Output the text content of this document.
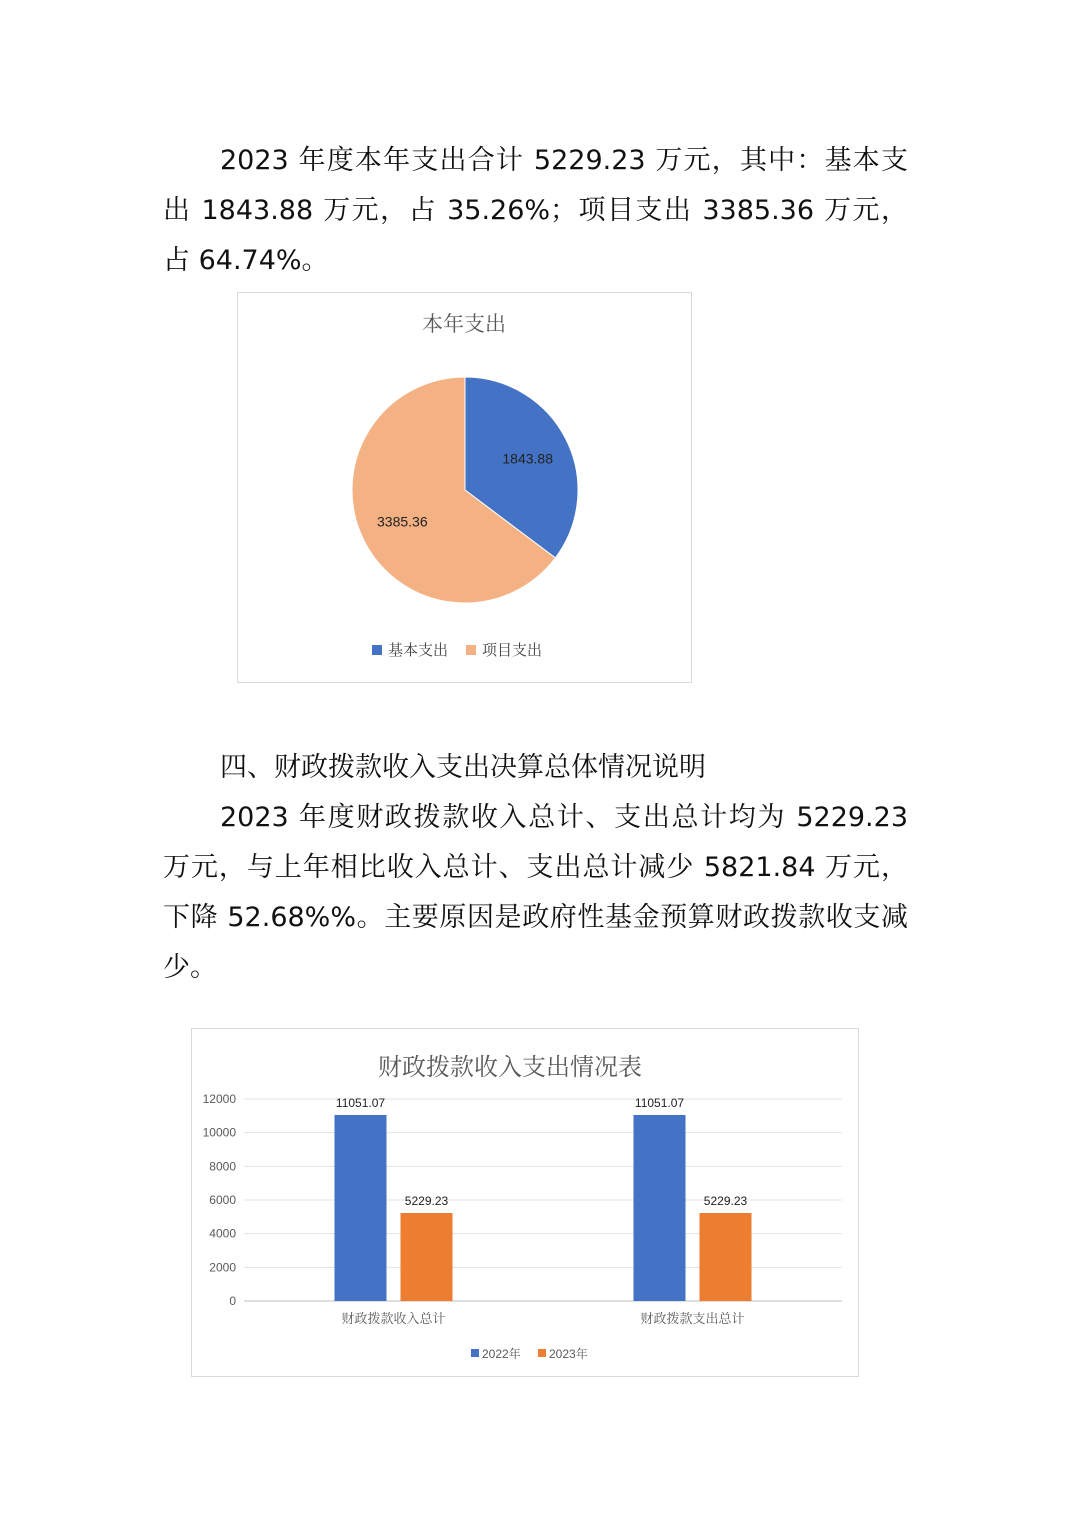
2023 年度本年支出合计 5229.23 万元，其中：基本支出 1843.88 万元，占 35.26%；项目支出 3385.36 万元，占 64.74%。

本年支出
1843.88
3385.36
基本支出 项目支出
四、财政拨款收入支出决算总体情况说明

2023 年度财政拨款收入总计、支出总计均为 5229.23 万元，与上年相比收入总计、支出总计减少 5821.84 万元，下降 52.68%%。主要原因是政府性基金预算财政拨款收支减少。

财政拨款收入支出情况表
0
2000
4000
6000
8000
10000
12000	11051.07
5229.23
财政拨款收入总计
11051.07
5229.23
财政拨款支出总计
2022年 2023年
